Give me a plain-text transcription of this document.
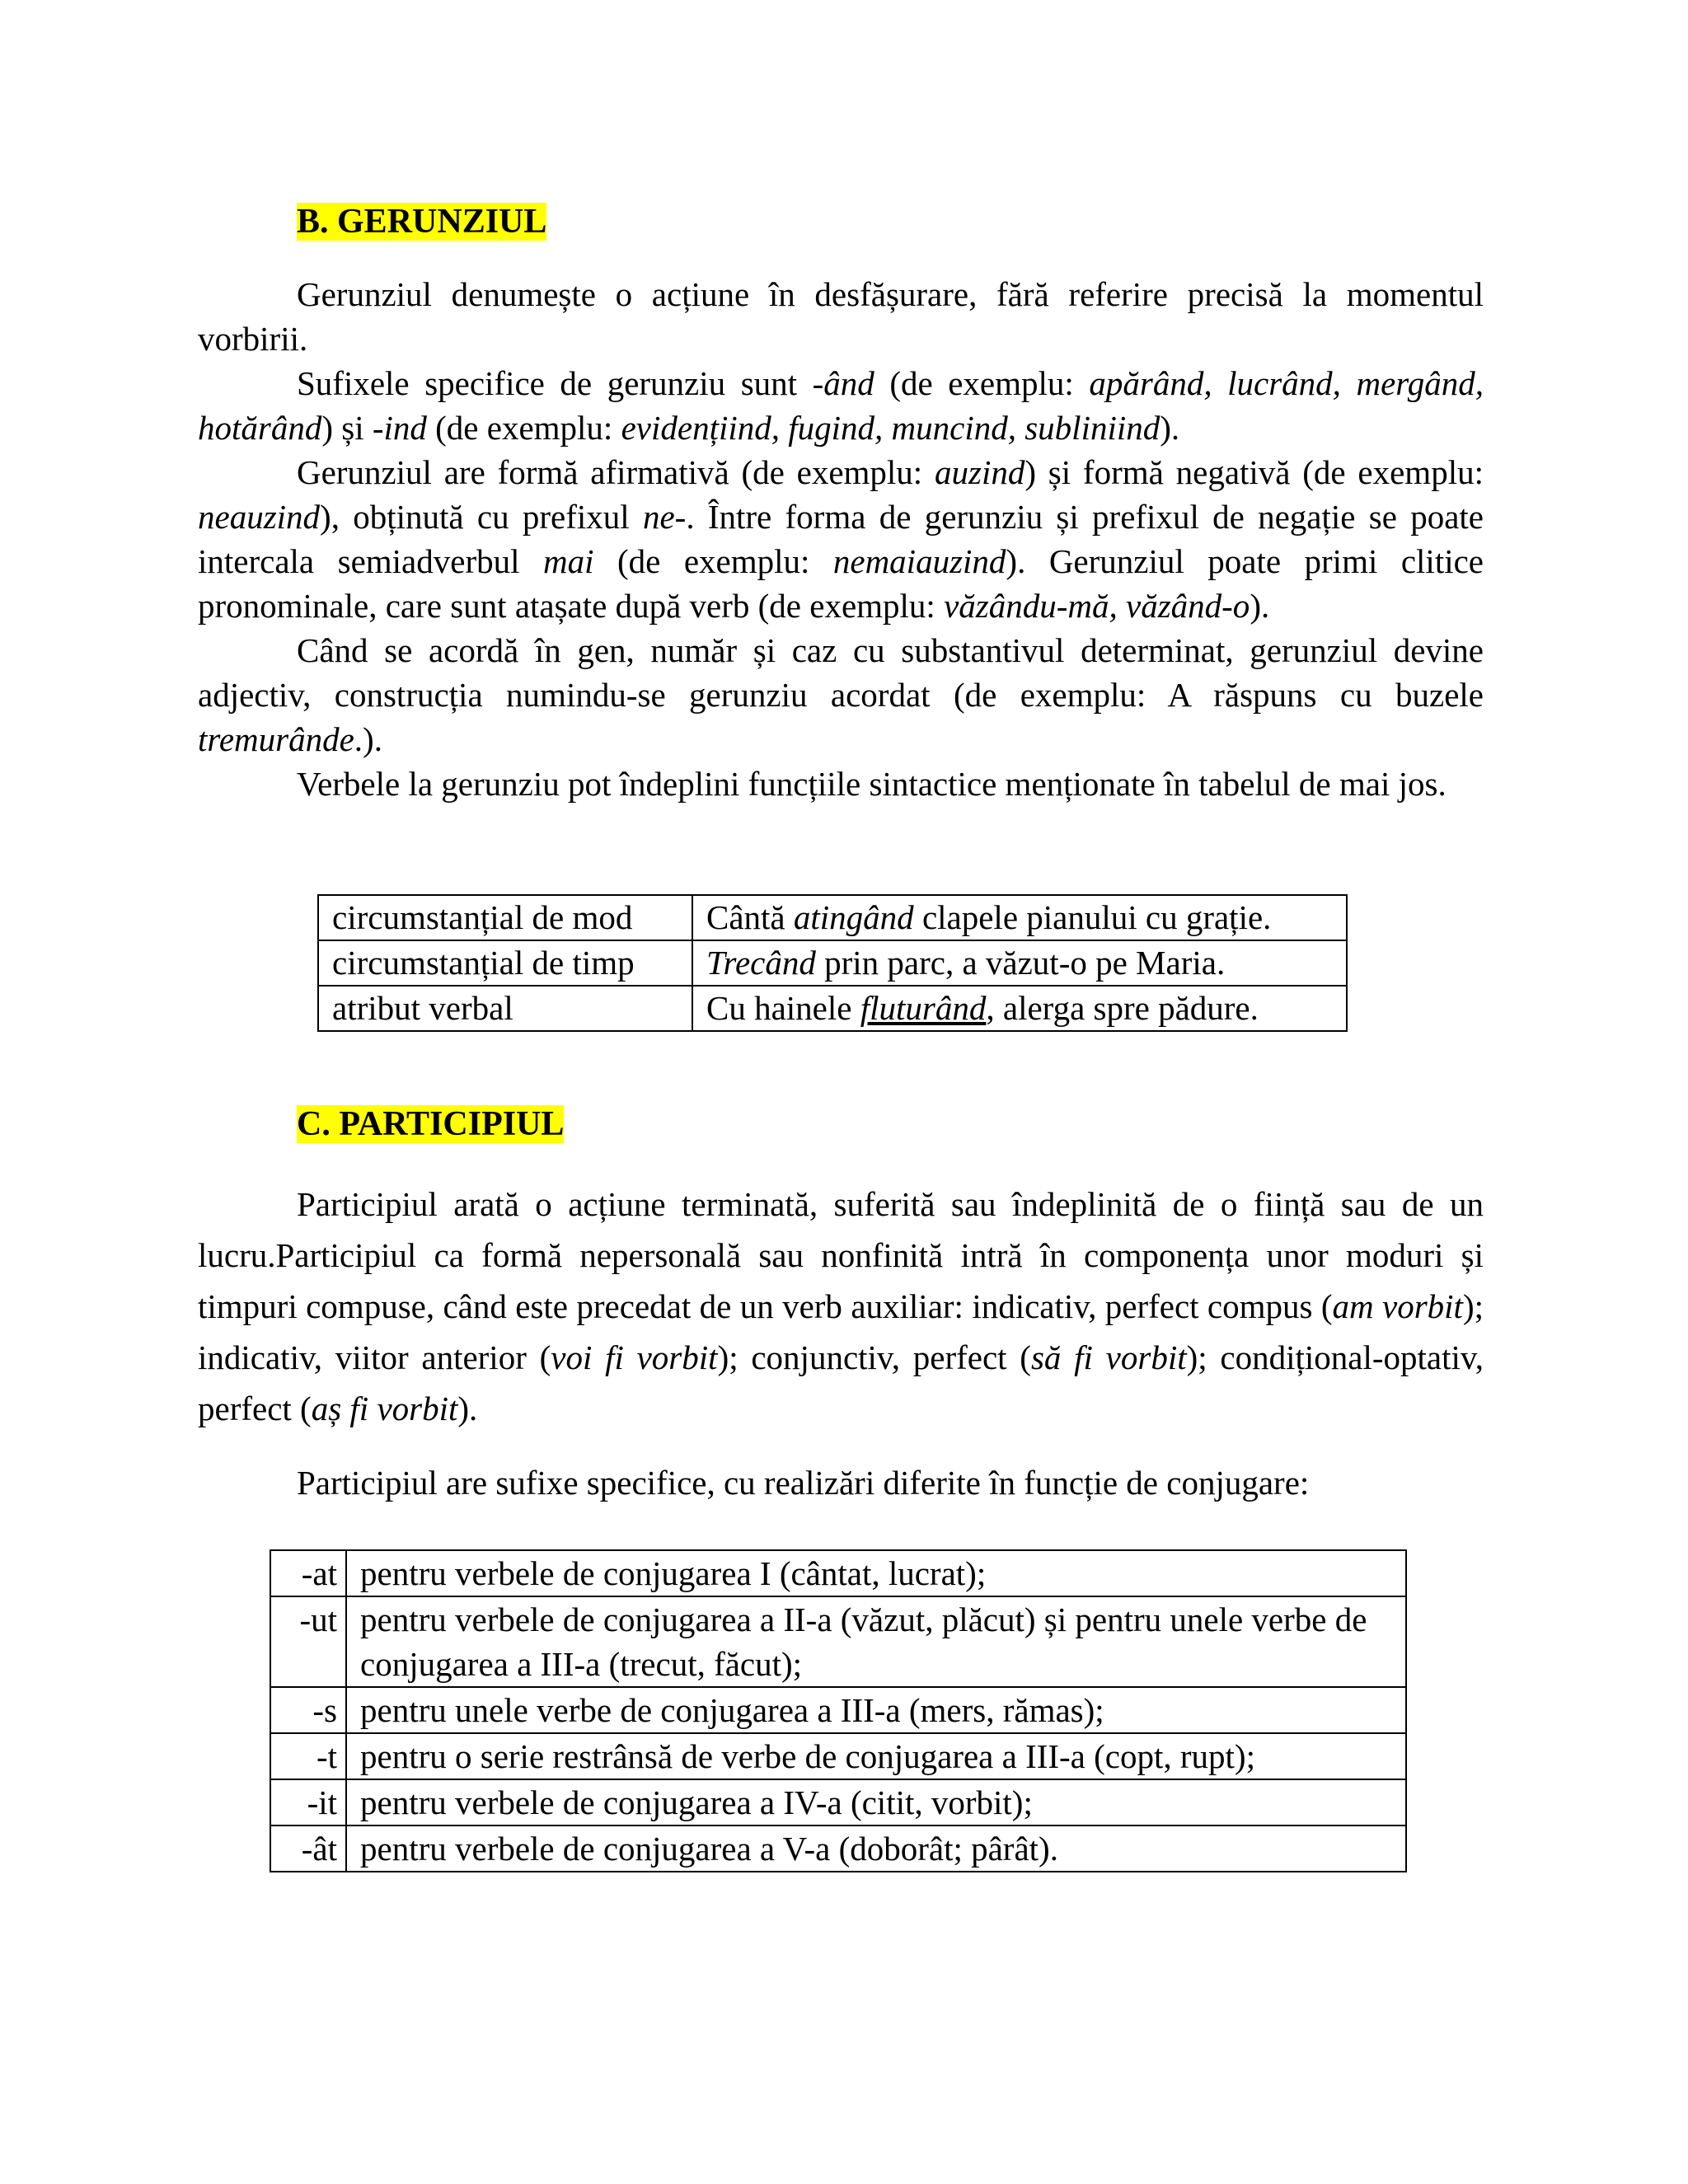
B. GERUNZIUL

Gerunziul denumește o acțiune în desfășurare, fără referire precisă la momentul vorbirii.

Sufixele specifice de gerunziu sunt -ând (de exemplu: apărând, lucrând, mergând, hotărând) și -ind (de exemplu: evidențiind, fugind, muncind, subliniind).

Gerunziul are formă afirmativă (de exemplu: auzind) și formă negativă (de exemplu: neauzind), obținută cu prefixul ne-. Între forma de gerunziu și prefixul de negație se poate intercala semiadverbul mai (de exemplu: nemaiauzind). Gerunziul poate primi clitice pronominale, care sunt atașate după verb (de exemplu: văzându-mă, văzând-o).

Când se acordă în gen, număr și caz cu substantivul determinat, gerunziul devine adjectiv, construcția numindu-se gerunziu acordat (de exemplu: A răspuns cu buzele tremurânde.).

Verbele la gerunziu pot îndeplini funcțiile sintactice menționate în tabelul de mai jos.

circumstanțial de mod	Cântă atingând clapele pianului cu grație.
circumstanțial de timp	Trecând prin parc, a văzut-o pe Maria.
atribut verbal	Cu hainele fluturând, alerga spre pădure.
C. PARTICIPIUL

Participiul arată o acțiune terminată, suferită sau îndeplinită de o ființă sau de un lucru.Participiul ca formă nepersonală sau nonfinită intră în componența unor moduri și timpuri compuse, când este precedat de un verb auxiliar: indicativ, perfect compus (am vorbit); indicativ, viitor anterior (voi fi vorbit); conjunctiv, perfect (să fi vorbit); condițional-optativ, perfect (aș fi vorbit).

Participiul are sufixe specifice, cu realizări diferite în funcție de conjugare:

-at	pentru verbele de conjugarea I (cântat, lucrat);
-ut	pentru verbele de conjugarea a II-a (văzut, plăcut) și pentru unele verbe de conjugarea a III-a (trecut, făcut);
-s	pentru unele verbe de conjugarea a III-a (mers, rămas);
-t	pentru o serie restrânsă de verbe de conjugarea a III-a (copt, rupt);
-it	pentru verbele de conjugarea a IV-a (citit, vorbit);
-ât	pentru verbele de conjugarea a V-a (doborât; pârât).
